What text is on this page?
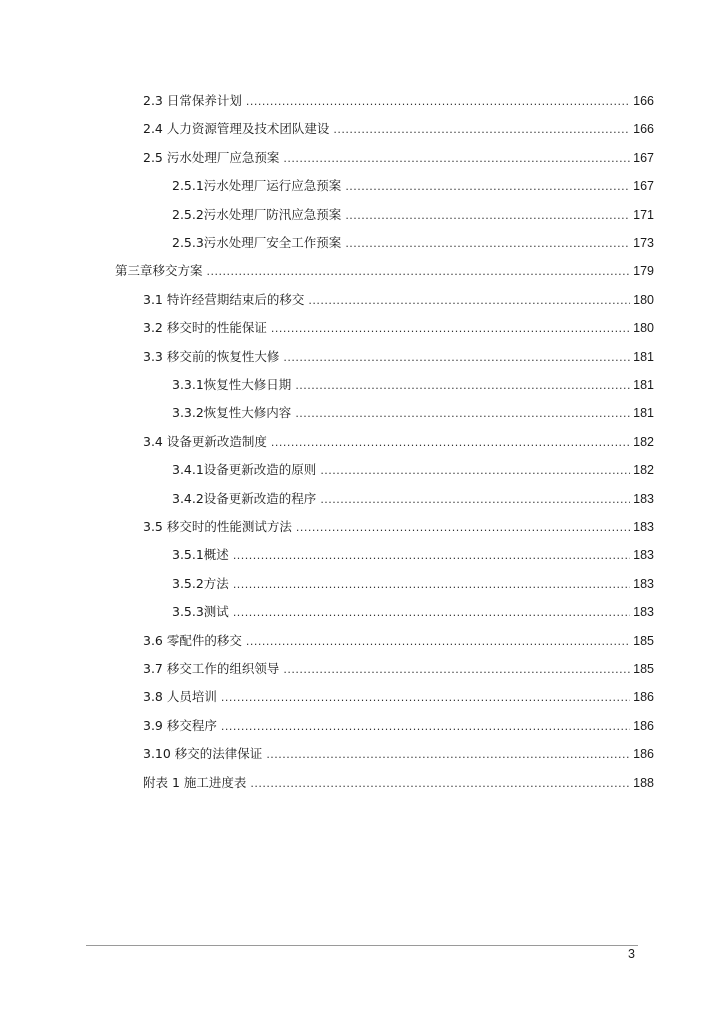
2.3 日常保养计划 .....	166
2.4 人力资源管理及技术团队建设 .....	166
2.5 污水处理厂应急预案 .....	167
2.5.1污水处理厂运行应急预案 .....	167
2.5.2污水处理厂防汛应急预案 .....	171
2.5.3污水处理厂安全工作预案 .....	173
第三章移交方案 .....	179
3.1 特许经营期结束后的移交 .....	180
3.2 移交时的性能保证 .....	180
3.3 移交前的恢复性大修 .....	181
3.3.1恢复性大修日期 .....	181
3.3.2恢复性大修内容 .....	181
3.4 设备更新改造制度 .....	182
3.4.1设备更新改造的原则 .....	182
3.4.2设备更新改造的程序 .....	183
3.5 移交时的性能测试方法 .....	183
3.5.1概述 .....	183
3.5.2方法 .....	183
3.5.3测试 .....	183
3.6 零配件的移交 .....	185
3.7 移交工作的组织领导 .....	185
3.8 人员培训 .....	186
3.9 移交程序 .....	186
3.10 移交的法律保证 .....	186
附表 1 施工进度表 .....	188
3
